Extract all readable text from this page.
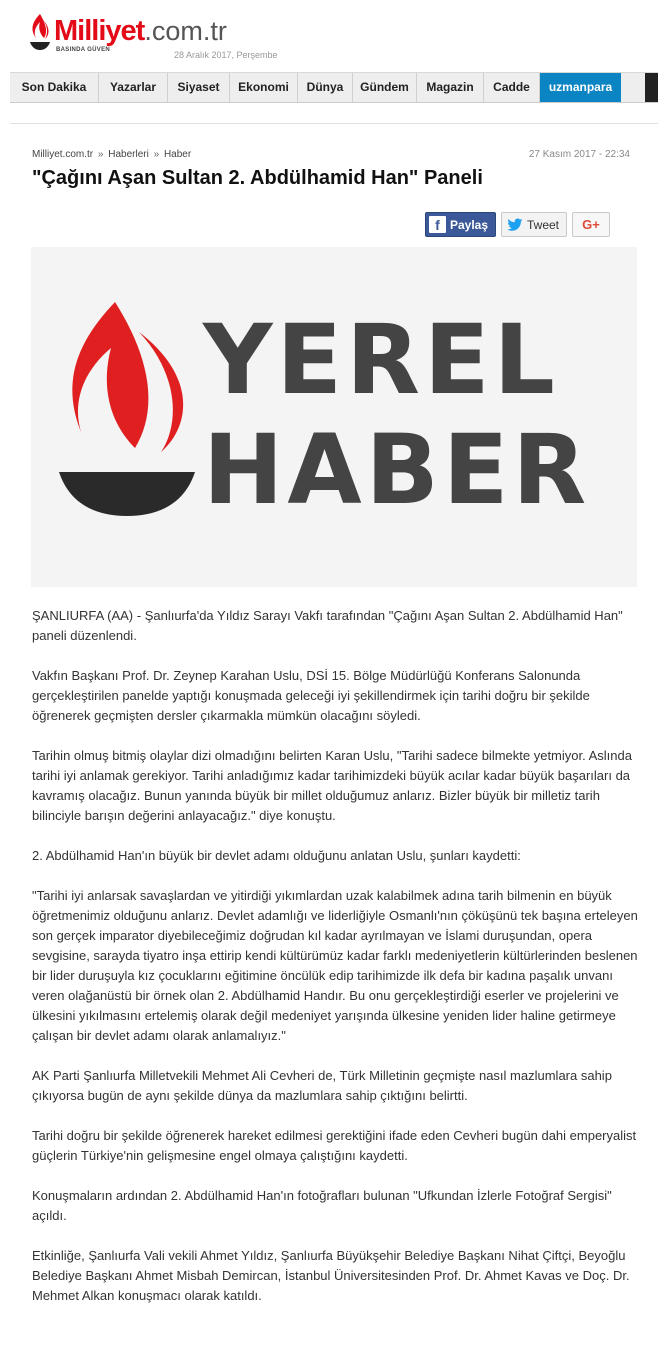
Milliyet.com.tr
BASINDA GÜVEN	28 Aralık 2017, Perşembe
Son Dakika	Yazarlar	Siyaset	Ekonomi	Dünya	Gündem	Magazin	Cadde	uzmanpara
Milliyet.com.tr » Haberleri » Haber	27 Kasım 2017 - 22:34
"Çağını Aşan Sultan 2. Abdülhamid Han" Paneli
f Paylaş	Tweet G+
YEREL
HABER

ŞANLIURFA (AA) - Şanlıurfa'da Yıldız Sarayı Vakfı tarafından "Çağını Aşan Sultan 2. Abdülhamid Han" paneli düzenlendi.

Vakfın Başkanı Prof. Dr. Zeynep Karahan Uslu, DSİ 15. Bölge Müdürlüğü Konferans Salonunda gerçekleştirilen panelde yaptığı konuşmada geleceği iyi şekillendirmek için tarihi doğru bir şekilde öğrenerek geçmişten dersler çıkarmakla mümkün olacağını söyledi.

Tarihin olmuş bitmiş olaylar dizi olmadığını belirten Karan Uslu, "Tarihi sadece bilmekte yetmiyor. Aslında tarihi iyi anlamak gerekiyor. Tarihi anladığımız kadar tarihimizdeki büyük acılar kadar büyük başarıları da kavramış olacağız. Bunun yanında büyük bir millet olduğumuz anlarız. Bizler büyük bir milletiz tarih bilinciyle barışın değerini anlayacağız." diye konuştu.

2. Abdülhamid Han'ın büyük bir devlet adamı olduğunu anlatan Uslu, şunları kaydetti:

"Tarihi iyi anlarsak savaşlardan ve yitirdiği yıkımlardan uzak kalabilmek adına tarih bilmenin en büyük öğretmenimiz olduğunu anlarız. Devlet adamlığı ve liderliğiyle Osmanlı'nın çöküşünü tek başına erteleyen son gerçek imparator diyebileceğimiz doğrudan kıl kadar ayrılmayan ve İslami duruşundan, opera sevgisine, sarayda tiyatro inşa ettirip kendi kültürümüz kadar farklı medeniyetlerin kültürlerinden beslenen bir lider duruşuyla kız çocuklarını eğitimine öncülük edip tarihimizde ilk defa bir kadına paşalık unvanı veren olağanüstü bir örnek olan 2. Abdülhamid Handır. Bu onu gerçekleştirdiği eserler ve projelerini ve ülkesini yıkılmasını ertelemiş olarak değil medeniyet yarışında ülkesine yeniden lider haline getirmeye çalışan bir devlet adamı olarak anlamalıyız."

AK Parti Şanlıurfa Milletvekili Mehmet Ali Cevheri de, Türk Milletinin geçmişte nasıl mazlumlara sahip çıkıyorsa bugün de aynı şekilde dünya da mazlumlara sahip çıktığını belirtti.

Tarihi doğru bir şekilde öğrenerek hareket edilmesi gerektiğini ifade eden Cevheri bugün dahi emperyalist güçlerin Türkiye'nin gelişmesine engel olmaya çalıştığını kaydetti.

Konuşmaların ardından 2. Abdülhamid Han'ın fotoğrafları bulunan "Ufkundan İzlerle Fotoğraf Sergisi" açıldı.

Etkinliğe, Şanlıurfa Vali vekili Ahmet Yıldız, Şanlıurfa Büyükşehir Belediye Başkanı Nihat Çiftçi, Beyoğlu Belediye Başkanı Ahmet Misbah Demircan, İstanbul Üniversitesinden Prof. Dr. Ahmet Kavas ve Doç. Dr. Mehmet Alkan konuşmacı olarak katıldı.
